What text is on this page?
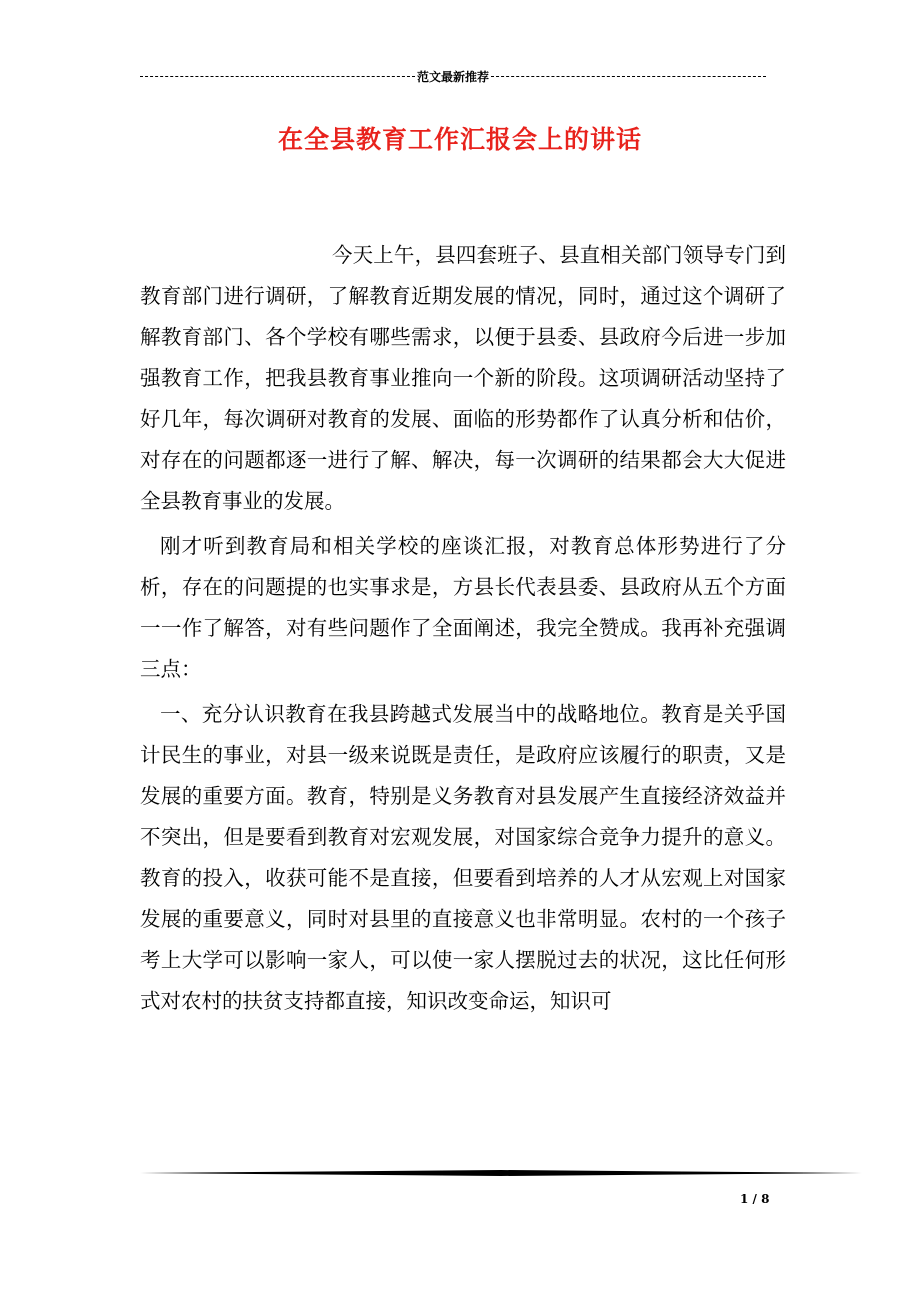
范文最新推荐
在全县教育工作汇报会上的讲话

今天上午，县四套班子、县直相关部门领导专门到教育部门进行调研，了解教育近期发展的情况，同时，通过这个调研了解教育部门、各个学校有哪些需求，以便于县委、县政府今后进一步加强教育工作，把我县教育事业推向一个新的阶段。这项调研活动坚持了好几年，每次调研对教育的发展、面临的形势都作了认真分析和估价，对存在的问题都逐一进行了解、解决，每一次调研的结果都会大大促进全县教育事业的发展。

刚才听到教育局和相关学校的座谈汇报，对教育总体形势进行了分析，存在的问题提的也实事求是，方县长代表县委、县政府从五个方面一一作了解答，对有些问题作了全面阐述，我完全赞成。我再补充强调三点：

一、充分认识教育在我县跨越式发展当中的战略地位。教育是关乎国计民生的事业，对县一级来说既是责任，是政府应该履行的职责，又是发展的重要方面。教育，特别是义务教育对县发展产生直接经济效益并不突出，但是要看到教育对宏观发展，对国家综合竞争力提升的意义。教育的投入，收获可能不是直接，但要看到培养的人才从宏观上对国家发展的重要意义，同时对县里的直接意义也非常明显。农村的一个孩子考上大学可以影响一家人，可以使一家人摆脱过去的状况，这比任何形式对农村的扶贫支持都直接，知识改变命运，知识可

1 / 8
